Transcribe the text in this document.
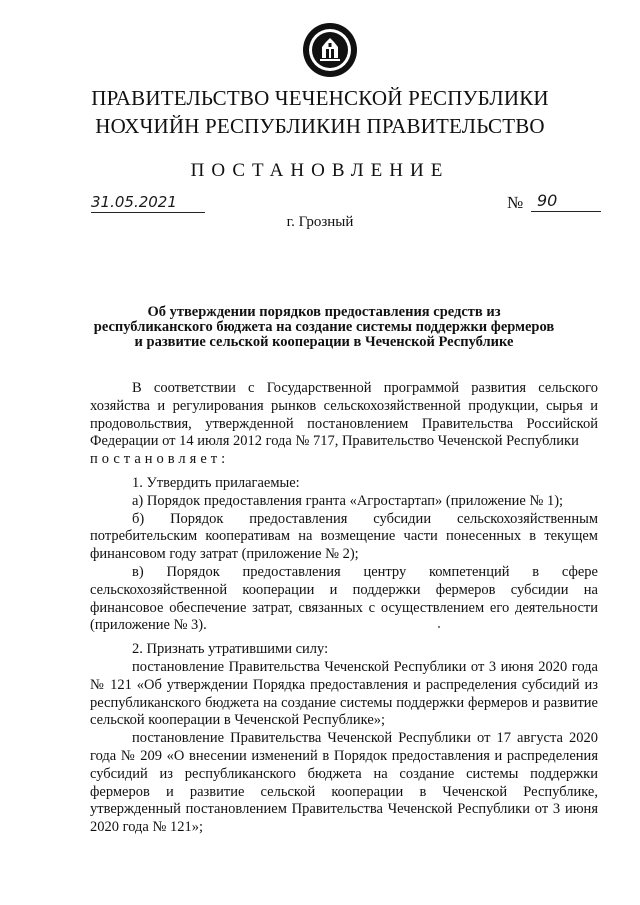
ПРАВИТЕЛЬСТВО ЧЕЧЕНСКОЙ РЕСПУБЛИКИ
НОХЧИЙН РЕСПУБЛИКИН ПРАВИТЕЛЬСТВО
ПОСТАНОВЛЕНИЕ
31.05.2021	№ 90
г. Грозный
Об утверждении порядков предоставления средств из республиканского бюджета на создание системы поддержки фермеров и развитие сельской кооперации в Чеченской Республике

В соответствии с Государственной программой развития сельского хозяйства и регулирования рынков сельскохозяйственной продукции, сырья и продовольствия, утвержденной постановлением Правительства Российской Федерации от 14 июля 2012 года № 717, Правительство Чеченской Республики

постановляет:

1. Утвердить прилагаемые:

а) Порядок предоставления гранта «Агростартап» (приложение № 1);

б) Порядок предоставления субсидии сельскохозяйственным потребительским кооперативам на возмещение части понесенных в текущем финансовом году затрат (приложение № 2);

в) Порядок предоставления центру компетенций в сфере сельскохозяйственной кооперации и поддержки фермеров субсидии на финансовое обеспечение затрат, связанных с осуществлением его деятельности (приложение № 3).

2. Признать утратившими силу:

постановление Правительства Чеченской Республики от 3 июня 2020 года № 121 «Об утверждении Порядка предоставления и распределения субсидий из республиканского бюджета на создание системы поддержки фермеров и развитие сельской кооперации в Чеченской Республике»;

постановление Правительства Чеченской Республики от 17 августа 2020 года № 209 «О внесении изменений в Порядок предоставления и распределения субсидий из республиканского бюджета на создание системы поддержки фермеров и развитие сельской кооперации в Чеченской Республике, утвержденный постановлением Правительства Чеченской Республики от 3 июня 2020 года № 121»;
